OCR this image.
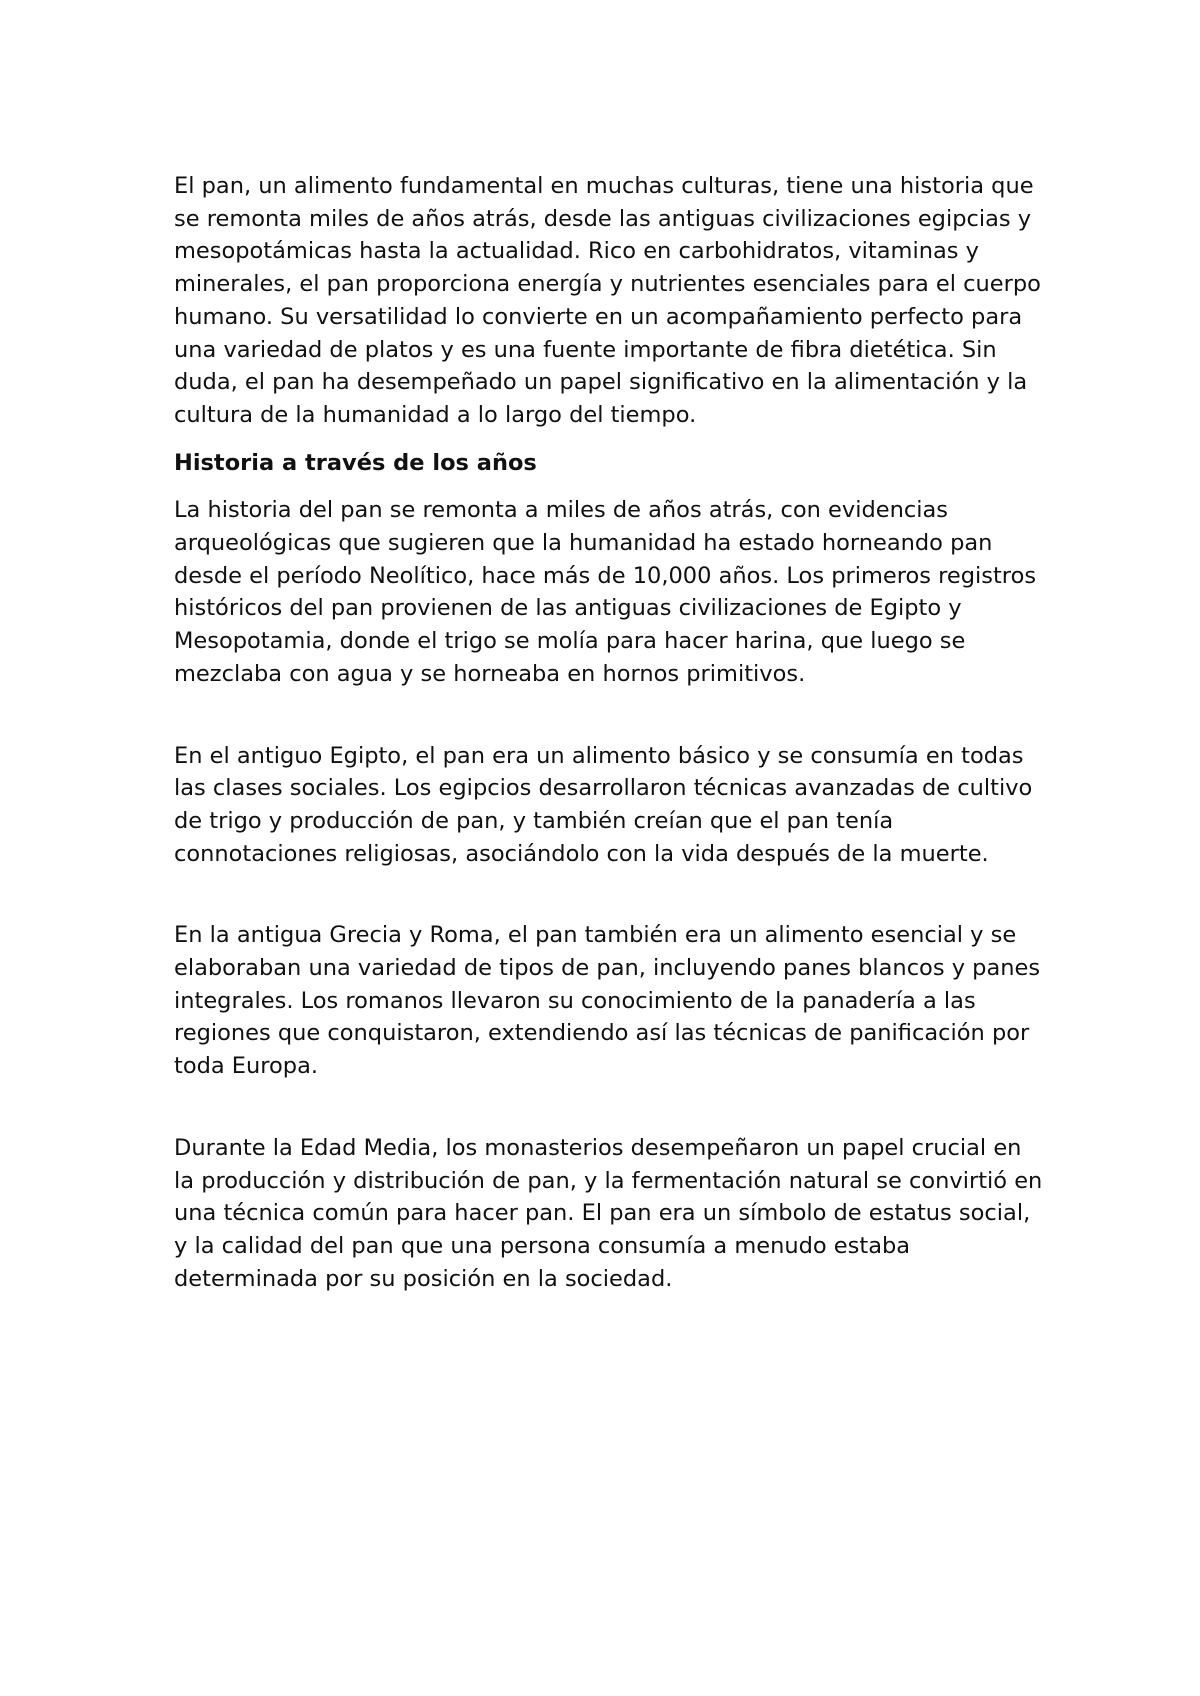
El pan, un alimento fundamental en muchas culturas, tiene una historia que se remonta miles de años atrás, desde las antiguas civilizaciones egipcias y mesopotámicas hasta la actualidad. Rico en carbohidratos, vitaminas y minerales, el pan proporciona energía y nutrientes esenciales para el cuerpo humano. Su versatilidad lo convierte en un acompañamiento perfecto para una variedad de platos y es una fuente importante de fibra dietética. Sin duda, el pan ha desempeñado un papel significativo en la alimentación y la cultura de la humanidad a lo largo del tiempo.

Historia a través de los años

La historia del pan se remonta a miles de años atrás, con evidencias arqueológicas que sugieren que la humanidad ha estado horneando pan desde el período Neolítico, hace más de 10,000 años. Los primeros registros históricos del pan provienen de las antiguas civilizaciones de Egipto y Mesopotamia, donde el trigo se molía para hacer harina, que luego se mezclaba con agua y se horneaba en hornos primitivos.

En el antiguo Egipto, el pan era un alimento básico y se consumía en todas las clases sociales. Los egipcios desarrollaron técnicas avanzadas de cultivo de trigo y producción de pan, y también creían que el pan tenía connotaciones religiosas, asociándolo con la vida después de la muerte.

En la antigua Grecia y Roma, el pan también era un alimento esencial y se elaboraban una variedad de tipos de pan, incluyendo panes blancos y panes integrales. Los romanos llevaron su conocimiento de la panadería a las regiones que conquistaron, extendiendo así las técnicas de panificación por toda Europa.

Durante la Edad Media, los monasterios desempeñaron un papel crucial en la producción y distribución de pan, y la fermentación natural se convirtió en una técnica común para hacer pan. El pan era un símbolo de estatus social, y la calidad del pan que una persona consumía a menudo estaba determinada por su posición en la sociedad.
